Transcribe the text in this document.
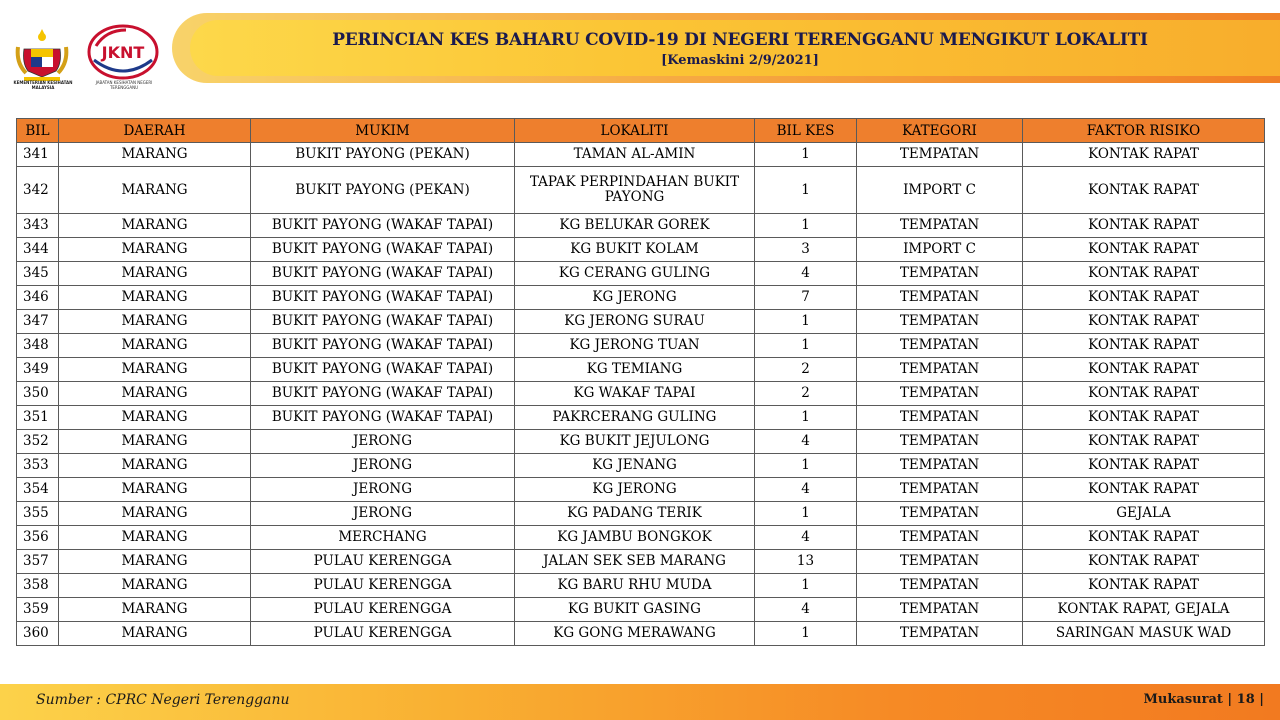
KEMENTERIAN KESIHATAN MALAYSIA
JKNT
JABATAN KESIHATAN NEGERI TERENGGANU
PERINCIAN KES BAHARU COVID-19 DI NEGERI TERENGGANU MENGIKUT LOKALITI
[Kemaskini 2/9/2021]
BIL	DAERAH	MUKIM	LOKALITI	BIL KES	KATEGORI	FAKTOR RISIKO
341	MARANG	BUKIT PAYONG (PEKAN)	TAMAN AL-AMIN	1	TEMPATAN	KONTAK RAPAT
342	MARANG	BUKIT PAYONG (PEKAN)	TAPAK PERPINDAHAN BUKIT PAYONG	1	IMPORT C	KONTAK RAPAT
343	MARANG	BUKIT PAYONG (WAKAF TAPAI)	KG BELUKAR GOREK	1	TEMPATAN	KONTAK RAPAT
344	MARANG	BUKIT PAYONG (WAKAF TAPAI)	KG BUKIT KOLAM	3	IMPORT C	KONTAK RAPAT
345	MARANG	BUKIT PAYONG (WAKAF TAPAI)	KG CERANG GULING	4	TEMPATAN	KONTAK RAPAT
346	MARANG	BUKIT PAYONG (WAKAF TAPAI)	KG JERONG	7	TEMPATAN	KONTAK RAPAT
347	MARANG	BUKIT PAYONG (WAKAF TAPAI)	KG JERONG SURAU	1	TEMPATAN	KONTAK RAPAT
348	MARANG	BUKIT PAYONG (WAKAF TAPAI)	KG JERONG TUAN	1	TEMPATAN	KONTAK RAPAT
349	MARANG	BUKIT PAYONG (WAKAF TAPAI)	KG TEMIANG	2	TEMPATAN	KONTAK RAPAT
350	MARANG	BUKIT PAYONG (WAKAF TAPAI)	KG WAKAF TAPAI	2	TEMPATAN	KONTAK RAPAT
351	MARANG	BUKIT PAYONG (WAKAF TAPAI)	PAKRCERANG GULING	1	TEMPATAN	KONTAK RAPAT
352	MARANG	JERONG	KG BUKIT JEJULONG	4	TEMPATAN	KONTAK RAPAT
353	MARANG	JERONG	KG JENANG	1	TEMPATAN	KONTAK RAPAT
354	MARANG	JERONG	KG JERONG	4	TEMPATAN	KONTAK RAPAT
355	MARANG	JERONG	KG PADANG TERIK	1	TEMPATAN	GEJALA
356	MARANG	MERCHANG	KG JAMBU BONGKOK	4	TEMPATAN	KONTAK RAPAT
357	MARANG	PULAU KERENGGA	JALAN SEK SEB MARANG	13	TEMPATAN	KONTAK RAPAT
358	MARANG	PULAU KERENGGA	KG BARU RHU MUDA	1	TEMPATAN	KONTAK RAPAT
359	MARANG	PULAU KERENGGA	KG BUKIT GASING	4	TEMPATAN	KONTAK RAPAT, GEJALA
360	MARANG	PULAU KERENGGA	KG GONG MERAWANG	1	TEMPATAN	SARINGAN MASUK WAD
Sumber : CPRC Negeri Terengganu	Mukasurat | 18 |
